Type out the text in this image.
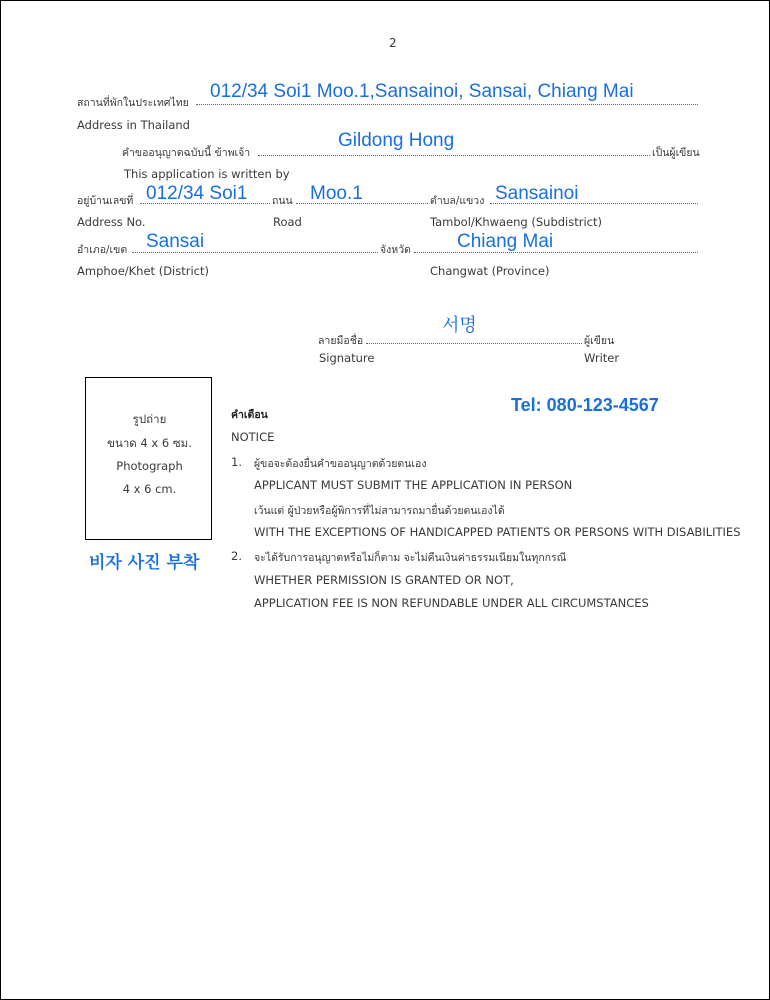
2
สถานที่พักในประเทศไทย
012/34 Soi1 Moo.1,Sansainoi, Sansai, Chiang Mai
Address in Thailand
คำขออนุญาตฉบับนี้ ข้าพเจ้า
Gildong Hong
เป็นผู้เขียน
This application is written by
อยู่บ้านเลขที่ 012/34 Soi1 ถนน Moo.1	ตำบล/แขวง Sansainoi
Address No.	Road	Tambol/Khwaeng (Subdistrict)
อำเภอ/เขต Sansai	จังหวัด Chiang Mai
Amphoe/Khet (District)	Changwat (Province)
서명
ลายมือชื่อ	ผู้เขียน
Signature	Writer
รูปถ่าย
ขนาด 4 x 6 ซม.
Photograph
4 x 6 cm.
비자 사진 부착
Tel: 080-123-4567
คำเตือน
NOTICE
1. ผู้ขอจะต้องยื่นคำขออนุญาตด้วยตนเอง
APPLICANT MUST SUBMIT THE APPLICATION IN PERSON
เว้นแต่ ผู้ป่วยหรือผู้พิการที่ไม่สามารถมายื่นด้วยตนเองได้
WITH THE EXCEPTIONS OF HANDICAPPED PATIENTS OR PERSONS WITH DISABILITIES
2. จะได้รับการอนุญาตหรือไม่ก็ตาม จะไม่คืนเงินค่าธรรมเนียมในทุกกรณี
WHETHER PERMISSION IS GRANTED OR NOT,
APPLICATION FEE IS NON REFUNDABLE UNDER ALL CIRCUMSTANCES
